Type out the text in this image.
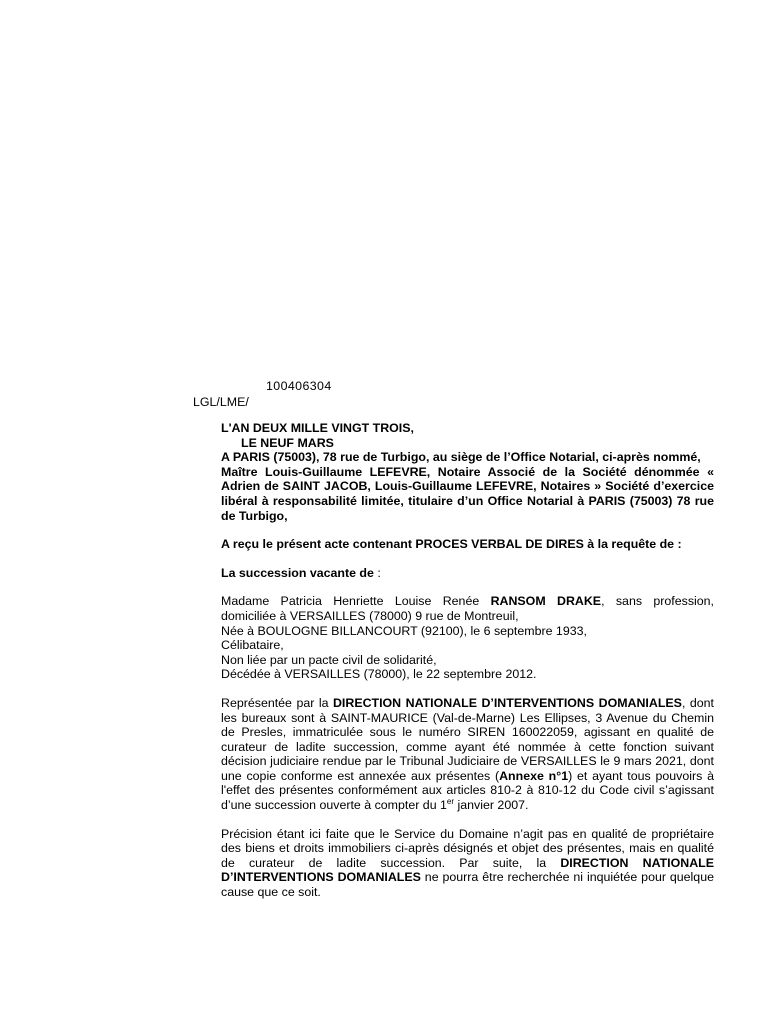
100406304
LGL/LME/
L'AN DEUX MILLE VINGT TROIS,
LE NEUF MARS
A PARIS (75003), 78 rue de Turbigo, au siège de l’Office Notarial, ci-après nommé,
Maître Louis-Guillaume LEFEVRE, Notaire Associé de la Société dénommée « Adrien de SAINT JACOB, Louis-Guillaume LEFEVRE, Notaires » Société d’exercice libéral à responsabilité limitée, titulaire d’un Office Notarial à PARIS (75003) 78 rue de Turbigo,

A reçu le présent acte contenant PROCES VERBAL DE DIRES à la requête de :

La succession vacante de :

Madame Patricia Henriette Louise Renée RANSOM DRAKE, sans profession,
domiciliée à VERSAILLES (78000) 9 rue de Montreuil,
Née à BOULOGNE BILLANCOURT (92100), le 6 septembre 1933,
Célibataire,
Non liée par un pacte civil de solidarité,
Décédée à VERSAILLES (78000), le 22 septembre 2012.

Représentée par la DIRECTION NATIONALE D’INTERVENTIONS DOMANIALES, dont les bureaux sont à SAINT-MAURICE (Val-de-Marne) Les Ellipses, 3 Avenue du Chemin de Presles, immatriculée sous le numéro SIREN 160022059, agissant en qualité de curateur de ladite succession, comme ayant été nommée à cette fonction suivant décision judiciaire rendue par le Tribunal Judiciaire de VERSAILLES le 9 mars 2021, dont une copie conforme est annexée aux présentes (Annexe n°1) et ayant tous pouvoirs à l'effet des présentes conformément aux articles 810-2 à 810-12 du Code civil s’agissant d’une succession ouverte à compter du 1er janvier 2007.

Précision étant ici faite que le Service du Domaine n’agit pas en qualité de propriétaire des biens et droits immobiliers ci-après désignés et objet des présentes, mais en qualité de curateur de ladite succession. Par suite, la DIRECTION NATIONALE D’INTERVENTIONS DOMANIALES ne pourra être recherchée ni inquiétée pour quelque cause que ce soit.
